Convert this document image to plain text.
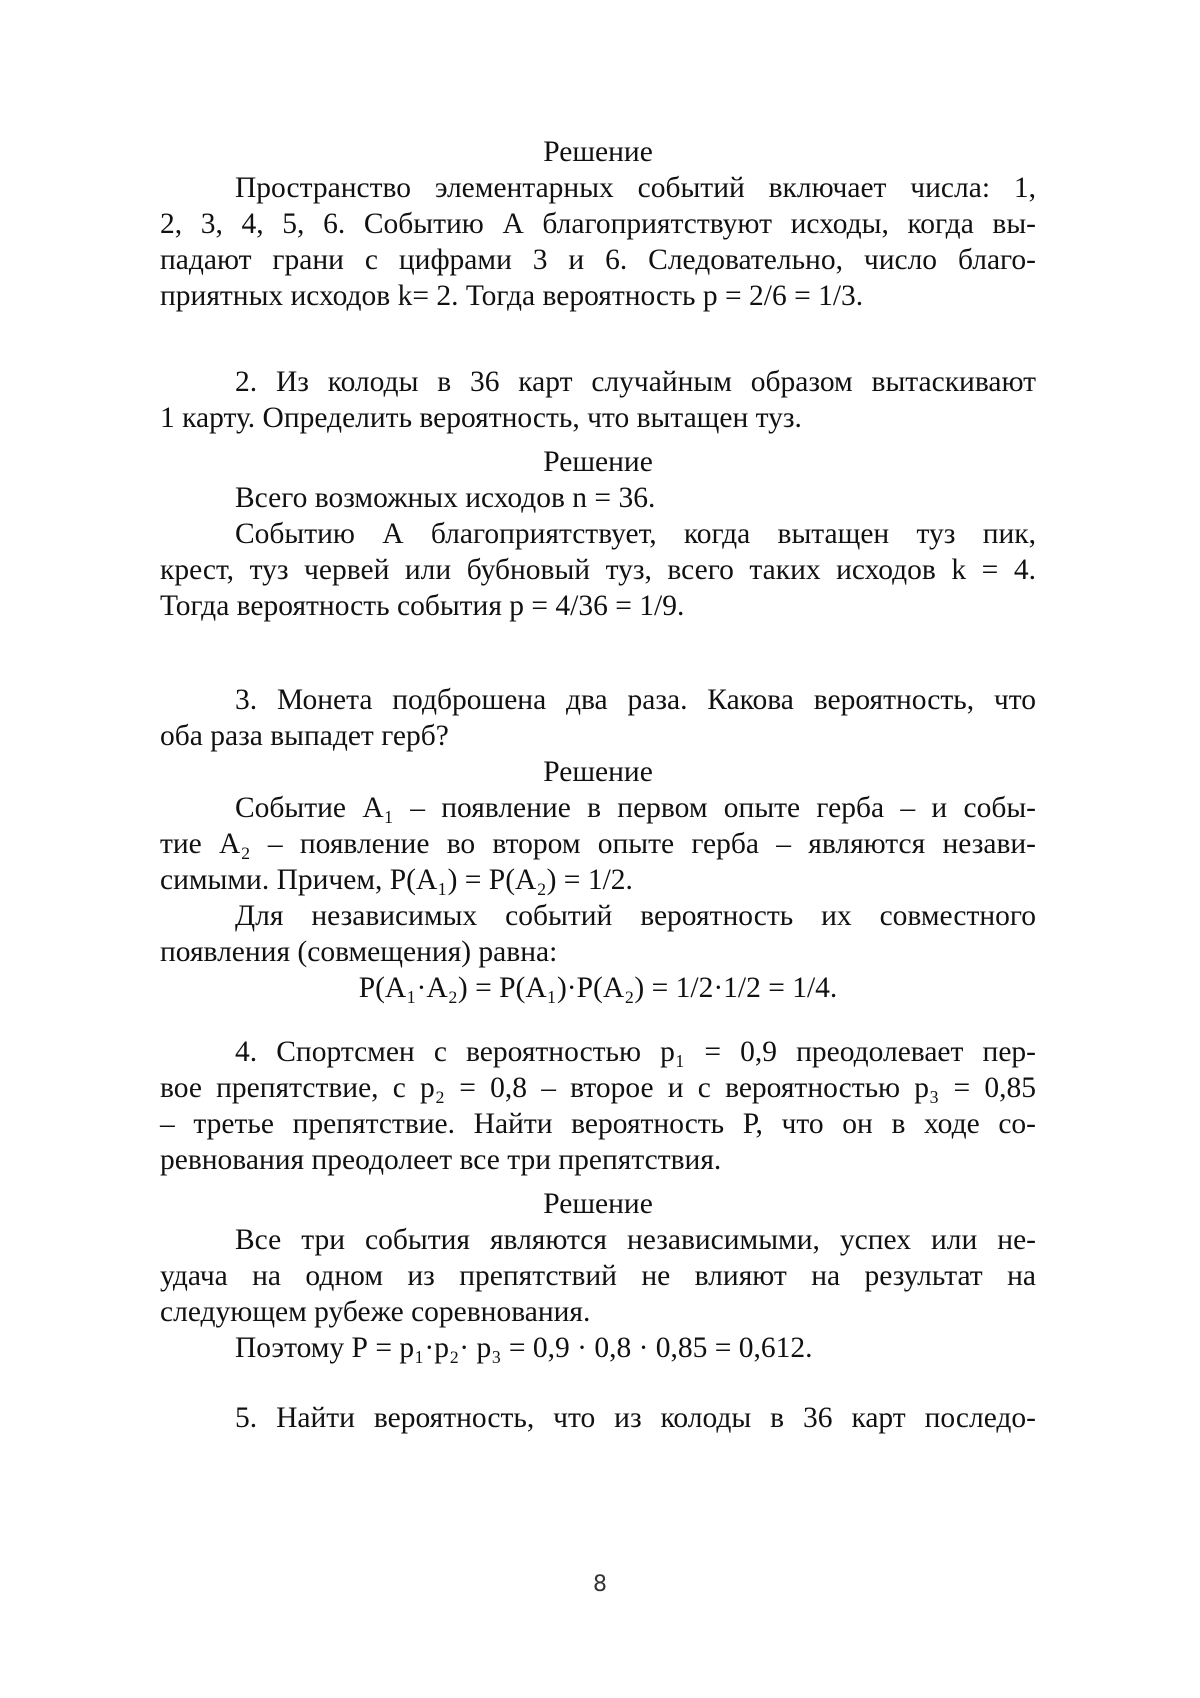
Решение
Пространство элементарных событий включает числа: 1,
2, 3, 4, 5, 6. Событию А благоприятствуют исходы, когда вы-
падают грани с цифрами 3 и 6. Следовательно, число благо-
приятных исходов k= 2. Тогда вероятность р = 2/6 = 1/3.
2. Из колоды в 36 карт случайным образом вытаскивают
1 карту. Определить вероятность, что вытащен туз.
Решение
Всего возможных исходов n = 36.
Событию А благоприятствует, когда вытащен туз пик,
крест, туз червей или бубновый туз, всего таких исходов k = 4.
Тогда вероятность события р = 4/36 = 1/9.
3. Монета подброшена два раза. Какова вероятность, что
оба раза выпадет герб?
Решение
Событие А₁ – появление в первом опыте герба – и собы-
тие А₂ – появление во втором опыте герба – являются незави-
симыми. Причем, Р(А₁) = Р(А₂) = 1/2.
Для независимых событий вероятность их совместного
появления (совмещения) равна:
Р(А₁·А₂) = Р(А₁)·Р(А₂) = 1/2·1/2 = 1/4.
4. Спортсмен с вероятностью р₁ = 0,9 преодолевает пер-
вое препятствие, с р₂ = 0,8 – второе и с вероятностью р₃ = 0,85
– третье препятствие. Найти вероятность Р, что он в ходе со-
ревнования преодолеет все три препятствия.
Решение
Все три события являются независимыми, успех или не-
удача на одном из препятствий не влияют на результат на
следующем рубеже соревнования.
Поэтому Р = р₁·р₂· р₃ = 0,9 · 0,8 · 0,85 = 0,612.
5. Найти вероятность, что из колоды в 36 карт последо-
8
